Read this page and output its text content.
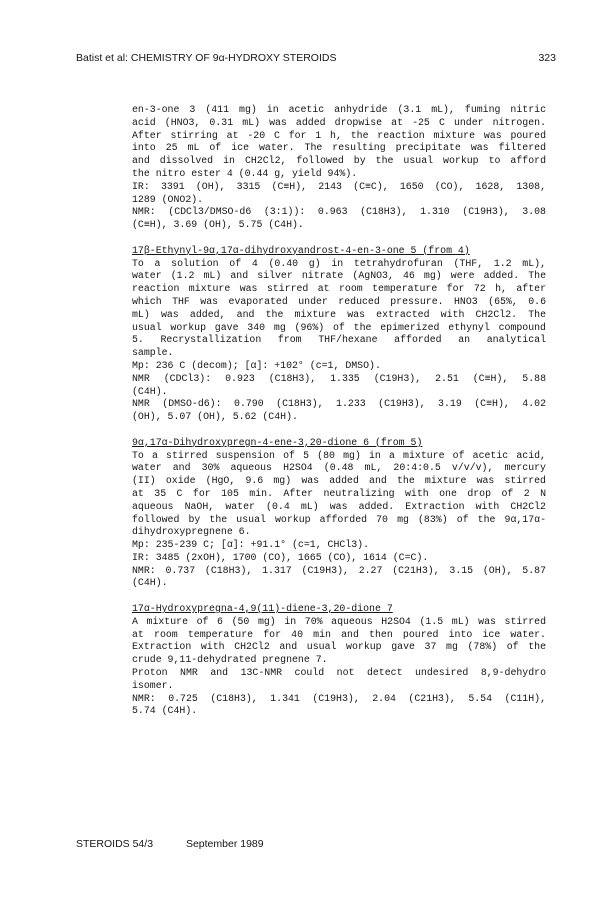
Batist et al: CHEMISTRY OF 9α-HYDROXY STEROIDS	323
en-3-one 3 (411 mg) in acetic anhydride (3.1 mL), fuming nitric
acid (HNO3, 0.31 mL) was added dropwise at -25 C under nitrogen.
After stirring at -20 C for 1 h, the reaction mixture was poured
into 25 mL of ice water. The resulting precipitate was filtered
and dissolved in CH2Cl2, followed by the usual workup to afford
the nitro ester 4 (0.44 g, yield 94%).
IR: 3391 (OH), 3315 (C≡H), 2143 (C≡C), 1650 (CO), 1628, 1308,
1289 (ONO2).
NMR: (CDCl3/DMSO-d6 (3:1)): 0.963 (C18H3), 1.310 (C19H3), 3.08
(C≡H), 3.69 (OH), 5.75 (C4H).
17β-Ethynyl-9α,17α-dihydroxyandrost-4-en-3-one 5 (from 4)
To a solution of 4 (0.40 g) in tetrahydrofuran (THF, 1.2 mL),
water (1.2 mL) and silver nitrate (AgNO3, 46 mg) were added. The
reaction mixture was stirred at room temperature for 72 h, after
which THF was evaporated under reduced pressure. HNO3 (65%, 0.6
mL) was added, and the mixture was extracted with CH2Cl2. The
usual workup gave 340 mg (96%) of the epimerized ethynyl compound
5. Recrystallization from THF/hexane afforded an analytical
sample.
Mp: 236 C (decom); [α]: +102° (c=1, DMSO).
NMR (CDCl3): 0.923 (C18H3), 1.335 (C19H3), 2.51 (C≡H), 5.88
(C4H).
NMR (DMSO-d6): 0.790 (C18H3), 1.233 (C19H3), 3.19 (C≡H), 4.02
(OH), 5.07 (OH), 5.62 (C4H).
9α,17α-Dihydroxypregn-4-ene-3,20-dione 6 (from 5)
To a stirred suspension of 5 (80 mg) in a mixture of acetic acid,
water and 30% aqueous H2SO4 (0.48 mL, 20:4:0.5 v/v/v), mercury
(II) oxide (HgO, 9.6 mg) was added and the mixture was stirred
at 35 C for 105 min. After neutralizing with one drop of 2 N
aqueous NaOH, water (0.4 mL) was added. Extraction with CH2Cl2
followed by the usual workup afforded 70 mg (83%) of the 9α,17α-
dihydroxypregnene 6.
Mp: 235-239 C; [α]: +91.1° (c=1, CHCl3).
IR: 3485 (2xOH), 1700 (CO), 1665 (CO), 1614 (C=C).
NMR: 0.737 (C18H3), 1.317 (C19H3), 2.27 (C21H3), 3.15 (OH), 5.87
(C4H).
17α-Hydroxypregna-4,9(11)-diene-3,20-dione 7
A mixture of 6 (50 mg) in 70% aqueous H2SO4 (1.5 mL) was stirred
at room temperature for 40 min and then poured into ice water.
Extraction with CH2Cl2 and usual workup gave 37 mg (78%) of the
crude 9,11-dehydrated pregnene 7.
Proton NMR and 13C-NMR could not detect undesired 8,9-dehydro
isomer.
NMR: 0.725 (C18H3), 1.341 (C19H3), 2.04 (C21H3), 5.54 (C11H),
5.74 (C4H).
STEROIDS 54/3	September 1989
